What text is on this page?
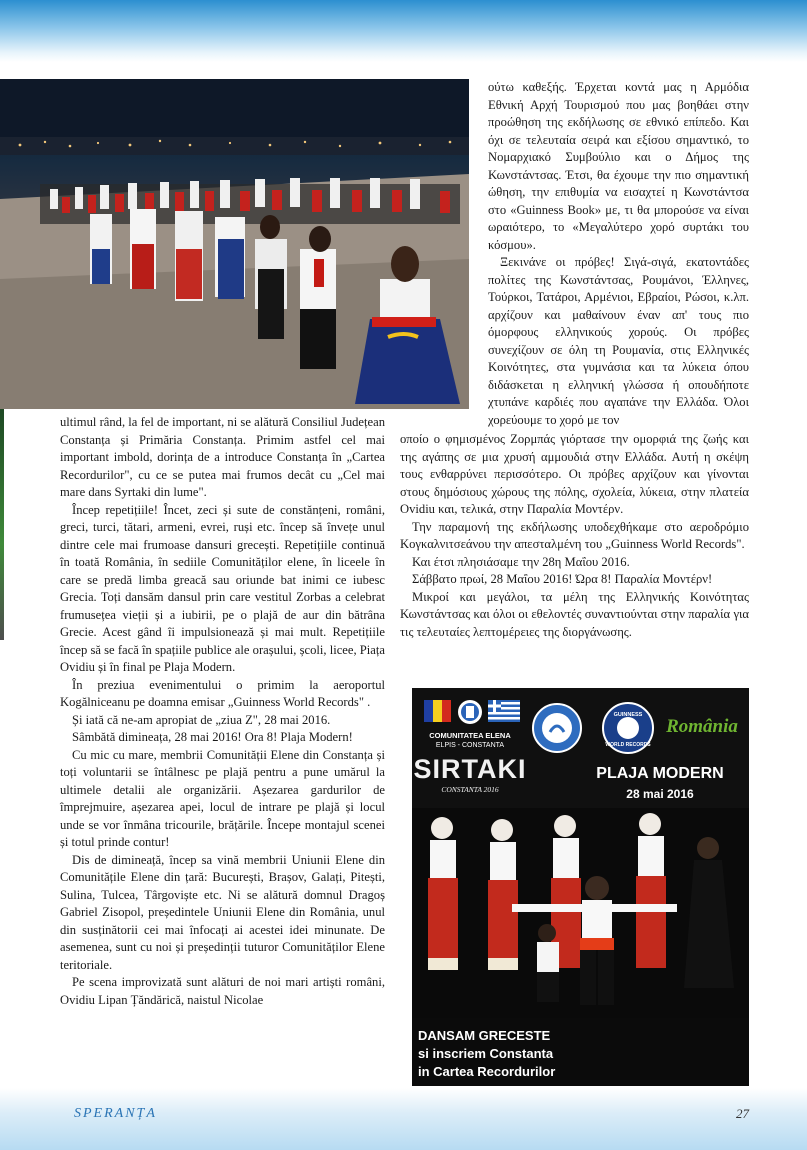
ούτω καθεξής. Έρχεται κοντά μας η Αρμόδια Εθνική Αρχή Τουρισμού που μας βοηθάει στην προώθηση της εκδήλωσης σε εθνικό επίπεδο. Και όχι σε τελευταία σειρά και εξίσου σημαντικό, το Νομαρχιακό Συμβούλιο και ο Δήμος της Κωνστάντσας. Έτσι, θα έχουμε την πιο σημαντική ώθηση, την επιθυμία να εισαχτεί η Κωνστάντσα στο «Guinness Book» με, τι θα μπορούσε να είναι ωραιότερο, το «Μεγαλύτερο χορό συρτάκι του κόσμου».

Ξεκινάνε οι πρόβες! Σιγά-σιγά, εκατοντάδες πολίτες της Κωνστάντσας, Ρουμάνοι, Έλληνες, Τούρκοι, Τατάροι, Αρμένιοι, Εβραίοι, Ρώσοι, κ.λπ. αρχίζουν και μαθαίνουν έναν απ' τους πιο όμορφους ελληνικούς χορούς. Οι πρόβες συνεχίζουν σε όλη τη Ρουμανία, στις Ελληνικές Κοινότητες, στα γυμνάσια και τα λύκεια όπου διδάσκεται η ελληνική γλώσσα ή οπουδήποτε χτυπάνε καρδιές που αγαπάνε την Ελλάδα. Όλοι χορεύουμε το χορό με τον

ultimul rând, la fel de important, ni se alătură Consiliul Județean Constanța și Primăria Constanța. Primim astfel cel mai important imbold, dorința de a introduce Constanța în „Cartea Recordurilor", cu ce se putea mai frumos decât cu „Cel mai mare dans Syrtaki din lume".

Încep repetițiile! Încet, zeci și sute de constănțeni, români, greci, turci, tătari, armeni, evrei, ruși etc. încep să învețe unul dintre cele mai frumoase dansuri grecești. Repetițiile continuă în toată România, în sediile Comunităților elene, în liceele în care se predă limba greacă sau oriunde bat inimi ce iubesc Grecia. Toți dansăm dansul prin care vestitul Zorbas a celebrat frumusețea vieții și a iubirii, pe o plajă de aur din bătrâna Grecie. Acest gând îi impulsionează și mai mult. Repetițiile încep să se facă în spațiile publice ale orașului, școli, licee, Piața Ovidiu și în final pe Plaja Modern.

În preziua evenimentului o primim la aeroportul Kogălniceanu pe doamna emisar „Guinness World Records" .

Și iată că ne-am apropiat de „ziua Z", 28 mai 2016.

Sâmbătă dimineața, 28 mai 2016! Ora 8! Plaja Modern!

Cu mic cu mare, membrii Comunității Elene din Constanța și toți voluntarii se întâlnesc pe plajă pentru a pune umărul la ultimele detalii ale organizării. Așezarea gardurilor de împrejmuire, așezarea apei, locul de intrare pe plajă și locul unde se vor înmâna tricourile, brățările. Începe montajul scenei și totul prinde contur!

Dis de dimineață, încep sa vină membrii Uniunii Elene din Comunitățile Elene din țară: București, Brașov, Galați, Pitești, Sulina, Tulcea, Târgoviște etc. Ni se alătură domnul Dragoș Gabriel Zisopol, președintele Uniunii Elene din România, unul din susținătorii cei mai înfocați ai acestei idei minunate. De asemenea, sunt cu noi și președinții tuturor Comunităților Elene teritoriale.

Pe scena improvizată sunt alături de noi mari artiști români, Ovidiu Lipan Țăndărică, naistul Nicolae

οποίο ο φημισμένος Ζορμπάς γιόρτασε την ομορφιά της ζωής και της αγάπης σε μια χρυσή αμμουδιά στην Ελλάδα. Αυτή η σκέψη τους ενθαρρύνει περισσότερο. Οι πρόβες αρχίζουν και γίνονται στους δημόσιους χώρους της πόλης, σχολεία, λύκεια, στην πλατεία Ovidiu και, τελικά, στην Παραλία Μοντέρν.

Την παραμονή της εκδήλωσης υποδεχθήκαμε στο αεροδρόμιο Κογκαλνιτσεάνου την απεσταλμένη του „Guinness World Records".

Και έτσι πλησιάσαμε την 28η Μαΐου 2016.

Σάββατο πρωί, 28 Μαΐου 2016! Ώρα 8! Παραλία Μοντέρν!

Μικροί και μεγάλοι, τα μέλη της Ελληνικής Κοινότητας Κωνστάντσας και όλοι οι εθελοντές συναντιούνται στην παραλία για τις τελευταίες λεπτομέρειες της διοργάνωσης.

COMUNITATEA ELENA
ELPIS - CONSTANTA
SIRTAKI
CONSTANTA 2016
GUINNESS
WORLD RECORDS
România
PLAJA MODERN
28 mai 2016
DANSAM GRECESTE
si inscriem Constanta
in Cartea Recordurilor
SPERANȚA	27
